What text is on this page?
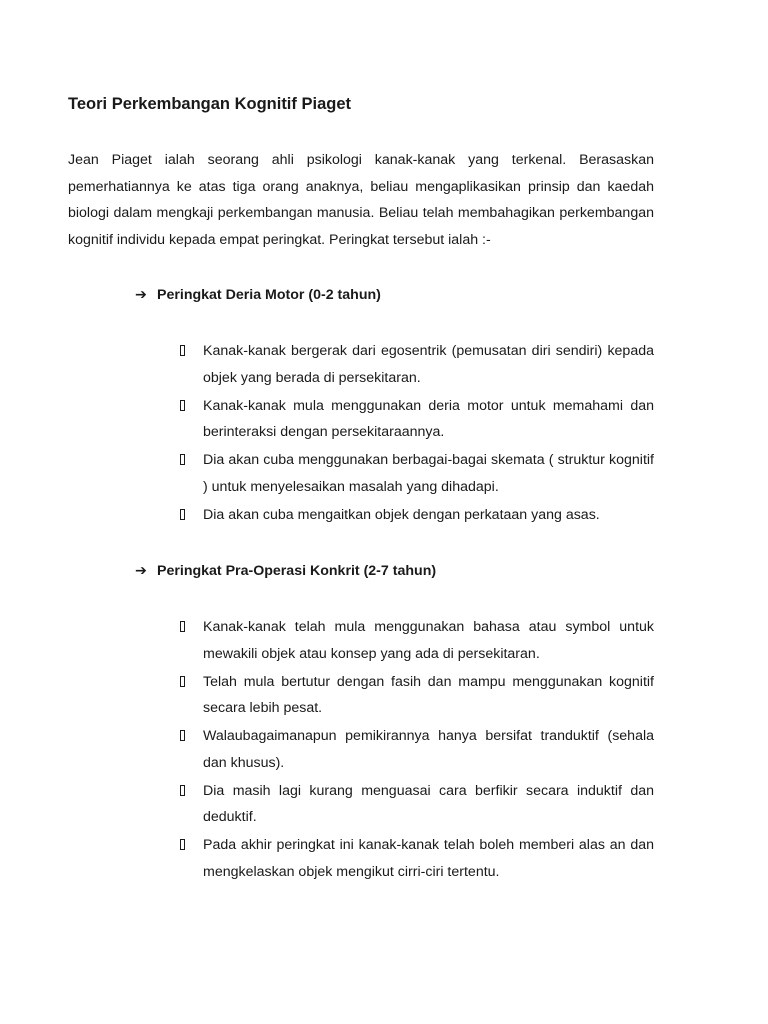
Teori Perkembangan Kognitif Piaget

Jean Piaget ialah seorang ahli psikologi kanak-kanak yang terkenal. Berasaskan pemerhatiannya ke atas tiga orang anaknya, beliau mengaplikasikan prinsip dan kaedah biologi dalam mengkaji perkembangan manusia. Beliau telah membahagikan perkembangan kognitif individu kepada empat peringkat. Peringkat tersebut ialah :-

➔ Peringkat Deria Motor (0-2 tahun)
Kanak-kanak bergerak dari egosentrik (pemusatan diri sendiri) kepada objek yang berada di persekitaran.
Kanak-kanak mula menggunakan deria motor untuk memahami dan berinteraksi dengan persekitaraannya.
Dia akan cuba menggunakan berbagai-bagai skemata ( struktur kognitif ) untuk menyelesaikan masalah yang dihadapi.
Dia akan cuba mengaitkan objek dengan perkataan yang asas.
➔ Peringkat Pra-Operasi Konkrit (2-7 tahun)
Kanak-kanak telah mula menggunakan bahasa atau symbol untuk mewakili objek atau konsep yang ada di persekitaran.
Telah mula bertutur dengan fasih dan mampu menggunakan kognitif secara lebih pesat.
Walaubagaimanapun pemikirannya hanya bersifat tranduktif (sehala dan khusus).
Dia masih lagi kurang menguasai cara berfikir secara induktif dan deduktif.
Pada akhir peringkat ini kanak-kanak telah boleh memberi alas an dan mengkelaskan objek mengikut cirri-ciri tertentu.
